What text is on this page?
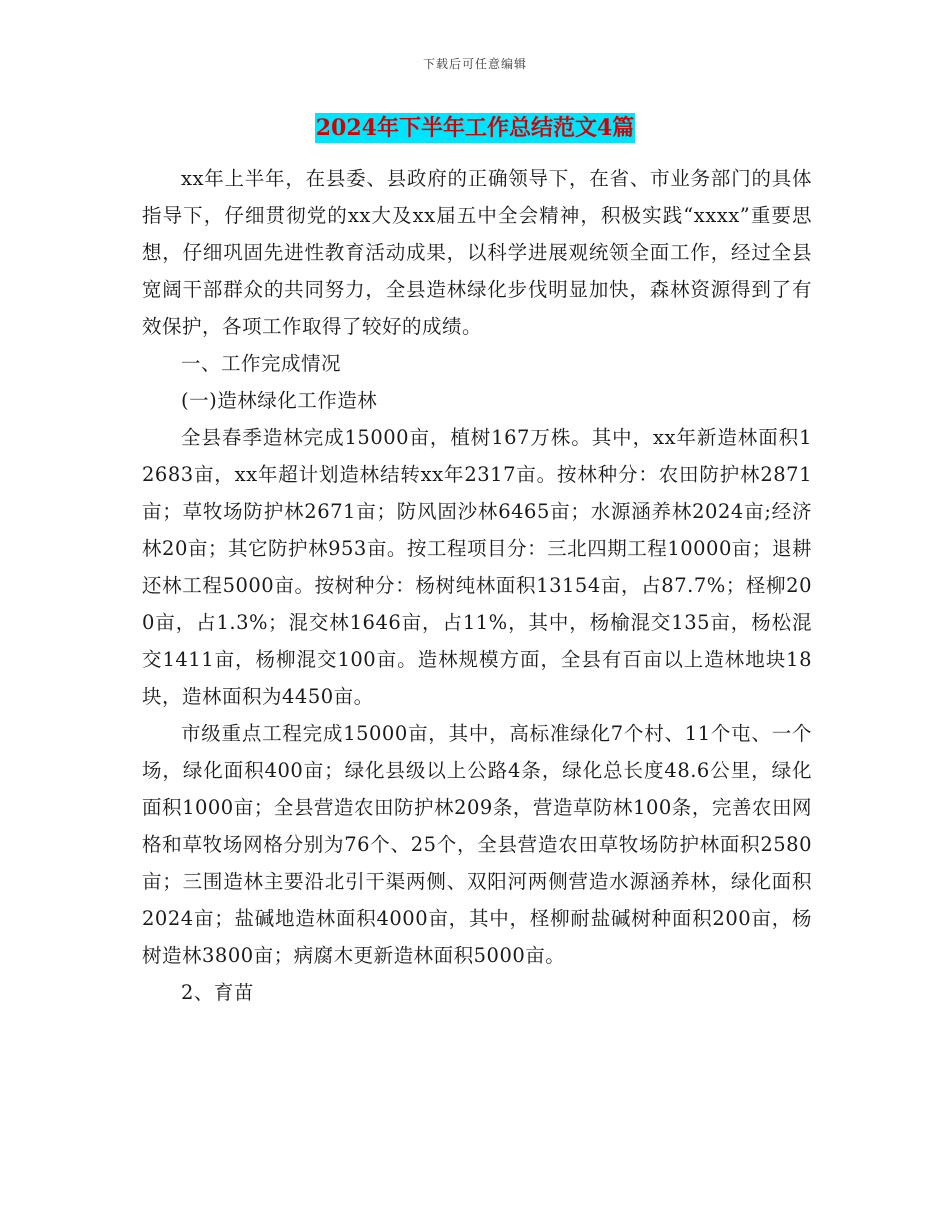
下载后可任意编辑
2024年下半年工作总结范文4篇

xx年上半年，在县委、县政府的正确领导下，在省、市业务部门的具体指导下，仔细贯彻党的xx大及xx届五中全会精神，积极实践“xxxx”重要思想，仔细巩固先进性教育活动成果，以科学进展观统领全面工作，经过全县宽阔干部群众的共同努力，全县造林绿化步伐明显加快，森林资源得到了有效保护，各项工作取得了较好的成绩。

一、工作完成情况

(一)造林绿化工作造林

全县春季造林完成15000亩，植树167万株。其中，xx年新造林面积12683亩，xx年超计划造林结转xx年2317亩。按林种分：农田防护林2871亩；草牧场防护林2671亩；防风固沙林6465亩；水源涵养林2024亩;经济林20亩；其它防护林953亩。按工程项目分：三北四期工程10000亩；退耕还林工程5000亩。按树种分：杨树纯林面积13154亩，占87.7%；柽柳200亩，占1.3%；混交林1646亩，占11%，其中，杨榆混交135亩，杨松混交1411亩，杨柳混交100亩。造林规模方面，全县有百亩以上造林地块18块，造林面积为4450亩。

市级重点工程完成15000亩，其中，高标准绿化7个村、11个屯、一个场，绿化面积400亩；绿化县级以上公路4条，绿化总长度48.6公里，绿化面积1000亩；全县营造农田防护林209条，营造草防林100条，完善农田网格和草牧场网格分别为76个、25个，全县营造农田草牧场防护林面积2580亩；三围造林主要沿北引干渠两侧、双阳河两侧营造水源涵养林，绿化面积2024亩；盐碱地造林面积4000亩，其中，柽柳耐盐碱树种面积200亩，杨树造林3800亩；病腐木更新造林面积5000亩。

2、育苗
